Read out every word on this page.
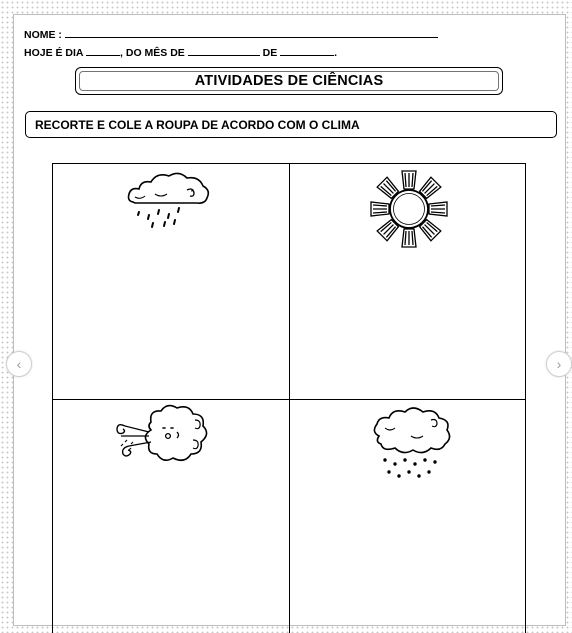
NOME :
HOJE É DIA	, DO MÊS DE	DE	.
ATIVIDADES DE CIÊNCIAS
RECORTE E COLE A ROUPA DE ACORDO COM O CLIMA
‹	›
